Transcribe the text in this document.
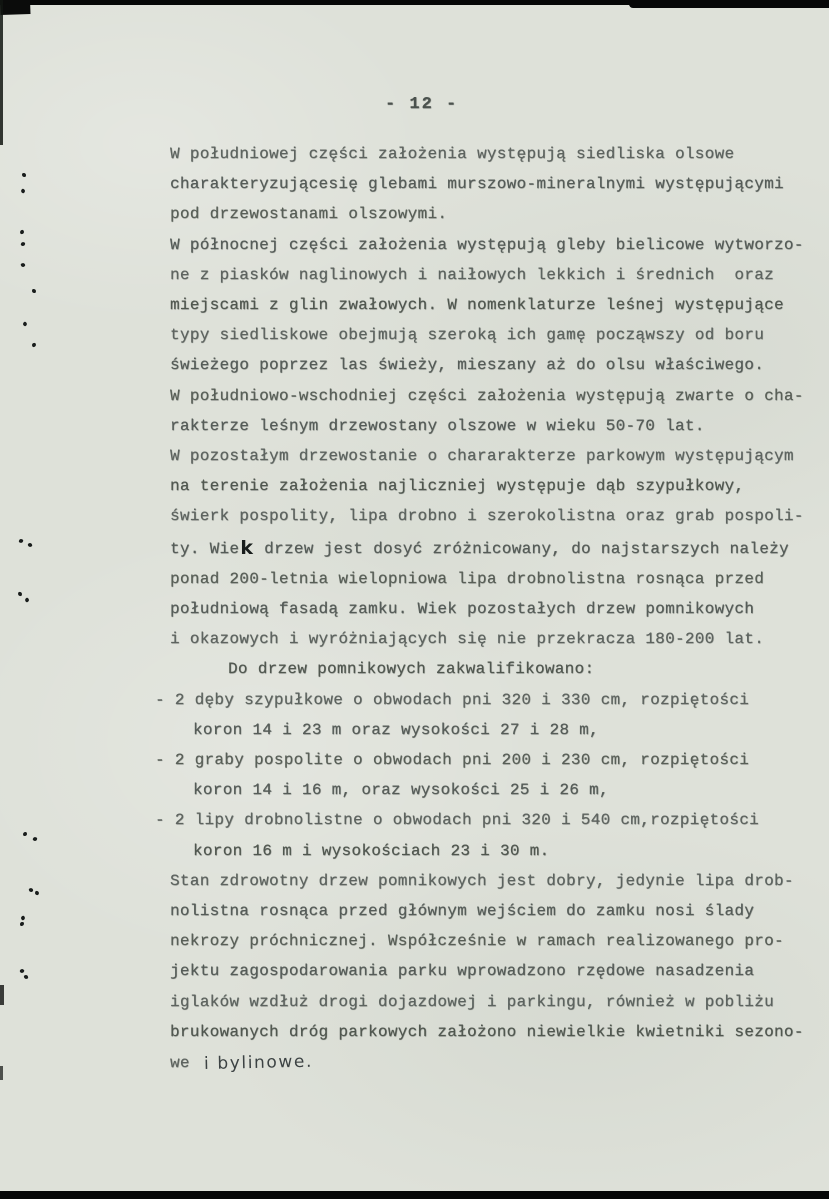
- 12 -
W południowej części założenia występują siedliska olsowe
charakteryzującesię glebami murszowo-mineralnymi występującymi
pod drzewostanami olszowymi.
W północnej części założenia występują gleby bielicowe wytworzo-
ne z piasków naglinowych i naiłowych lekkich i średnich  oraz
miejscami z glin zwałowych. W nomenklaturze leśnej występujące
typy siedliskowe obejmują szeroką ich gamę począwszy od boru
świeżego poprzez las świeży, mieszany aż do olsu właściwego.
W południowo-wschodniej części założenia występują zwarte o cha-
rakterze leśnym drzewostany olszowe w wieku 50-70 lat.
W pozostałym drzewostanie o chararakterze parkowym występującym
na terenie założenia najliczniej występuje dąb szypułkowy,
świerk pospolity, lipa drobno i szerokolistna oraz grab pospoli-
ty. Wiek drzew jest dosyć zróżnicowany, do najstarszych należy
ponad 200-letnia wielopniowa lipa drobnolistna rosnąca przed
południową fasadą zamku. Wiek pozostałych drzew pomnikowych
i okazowych i wyróżniających się nie przekracza 180-200 lat.
Do drzew pomnikowych zakwalifikowano:
- 2 dęby szypułkowe o obwodach pni 320 i 330 cm, rozpiętości
koron 14 i 23 m oraz wysokości 27 i 28 m,
- 2 graby pospolite o obwodach pni 200 i 230 cm, rozpiętości
koron 14 i 16 m, oraz wysokości 25 i 26 m,
- 2 lipy drobnolistne o obwodach pni 320 i 540 cm,rozpiętości
koron 16 m i wysokościach 23 i 30 m.
Stan zdrowotny drzew pomnikowych jest dobry, jedynie lipa drob-
nolistna rosnąca przed głównym wejściem do zamku nosi ślady
nekrozy próchnicznej. Współcześnie w ramach realizowanego pro-
jektu zagospodarowania parku wprowadzono rzędowe nasadzenia
iglaków wzdłuż drogi dojazdowej i parkingu, również w pobliżu
brukowanych dróg parkowych założono niewielkie kwietniki sezono-
we  i bylinowe.
